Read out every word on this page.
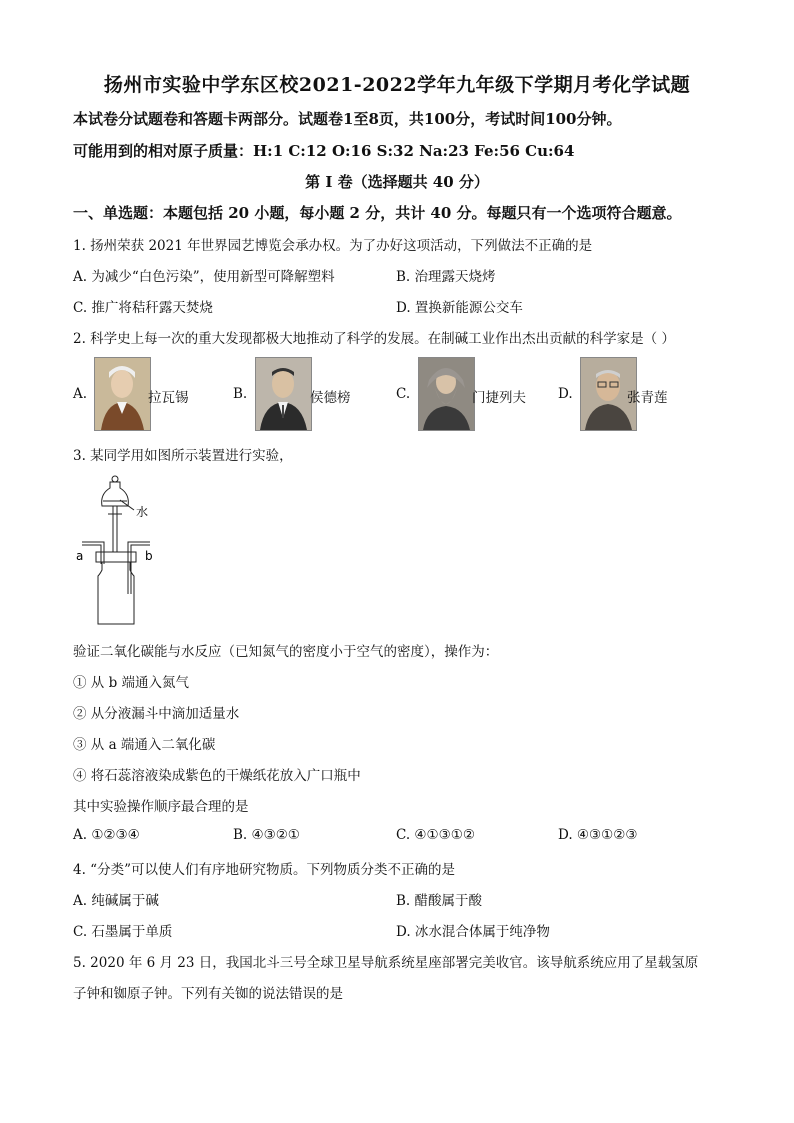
扬州市实验中学东区校2021-2022学年九年级下学期月考化学试题
本试卷分试题卷和答题卡两部分。试题卷1至8页，共100分，考试时间100分钟。
可能用到的相对原子质量：H:1 C:12 O:16 S:32 Na:23 Fe:56 Cu:64
第 I 卷（选择题共 40 分）
一、单选题：本题包括 20 小题，每小题 2 分，共计 40 分。每题只有一个选项符合题意。
1. 扬州荣获 2021 年世界园艺博览会承办权。为了办好这项活动，下列做法不正确的是
A. 为减少“白色污染”，使用新型可降解塑料	B. 治理露天烧烤
C. 推广将秸秆露天焚烧	D. 置换新能源公交车
2. 科学史上每一次的重大发现都极大地推动了科学的发展。在制碱工业作出杰出贡献的科学家是（ ）
A.	拉瓦锡	B.	侯德榜	C.	门捷列夫 D.	张青莲
3. 某同学用如图所示装置进行实验，
水
a	b
验证二氧化碳能与水反应（已知氮气的密度小于空气的密度），操作为：
① 从 b 端通入氮气
② 从分液漏斗中滴加适量水
③ 从 a 端通入二氧化碳
④ 将石蕊溶液染成紫色的干燥纸花放入广口瓶中
其中实验操作顺序最合理的是
A. ①②③④	B. ④③②①	C. ④①③①②	D. ④③①②③
4. “分类”可以使人们有序地研究物质。下列物质分类不正确的是
A. 纯碱属于碱	B. 醋酸属于酸
C. 石墨属于单质	D. 冰水混合体属于纯净物
5. 2020 年 6 月 23 日，我国北斗三号全球卫星导航系统星座部署完美收官。该导航系统应用了星载氢原
子钟和铷原子钟。下列有关铷的说法错误的是
